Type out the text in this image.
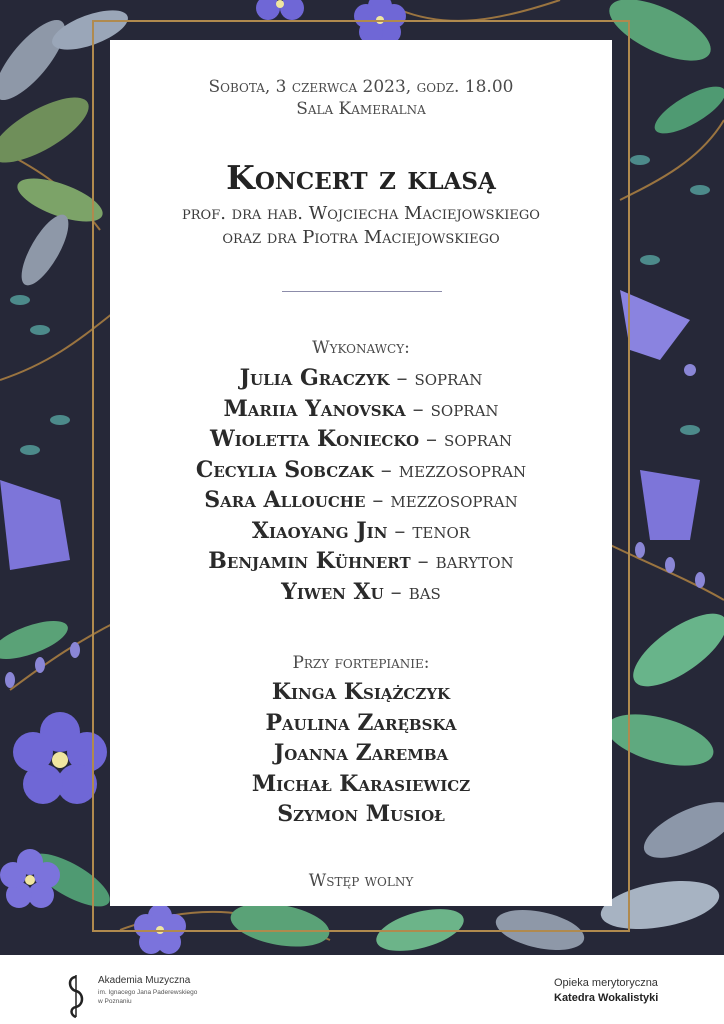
Sobota, 3 czerwca 2023, godz. 18.00
Sala Kameralna
Koncert z klasą
prof. dra hab. Wojciecha Maciejowskiego
oraz dra Piotra Maciejowskiego
Wykonawcy:
Julia Graczyk – sopran
Mariia Yanovska – sopran
Wioletta Koniecko – sopran
Cecylia Sobczak – mezzosopran
Sara Allouche – mezzosopran
Xiaoyang Jin – tenor
Benjamin Kühnert – baryton
Yiwen Xu – bas
Przy fortepianie:
Kinga Książczyk
Paulina Zarębska
Joanna Zaremba
Michał Karasiewicz
Szymon Musioł
Wstęp wolny
Akademia Muzyczna
im. Ignacego Jana Paderewskiego
w Poznaniu
Opieka merytoryczna
Katedra Wokalistyki
